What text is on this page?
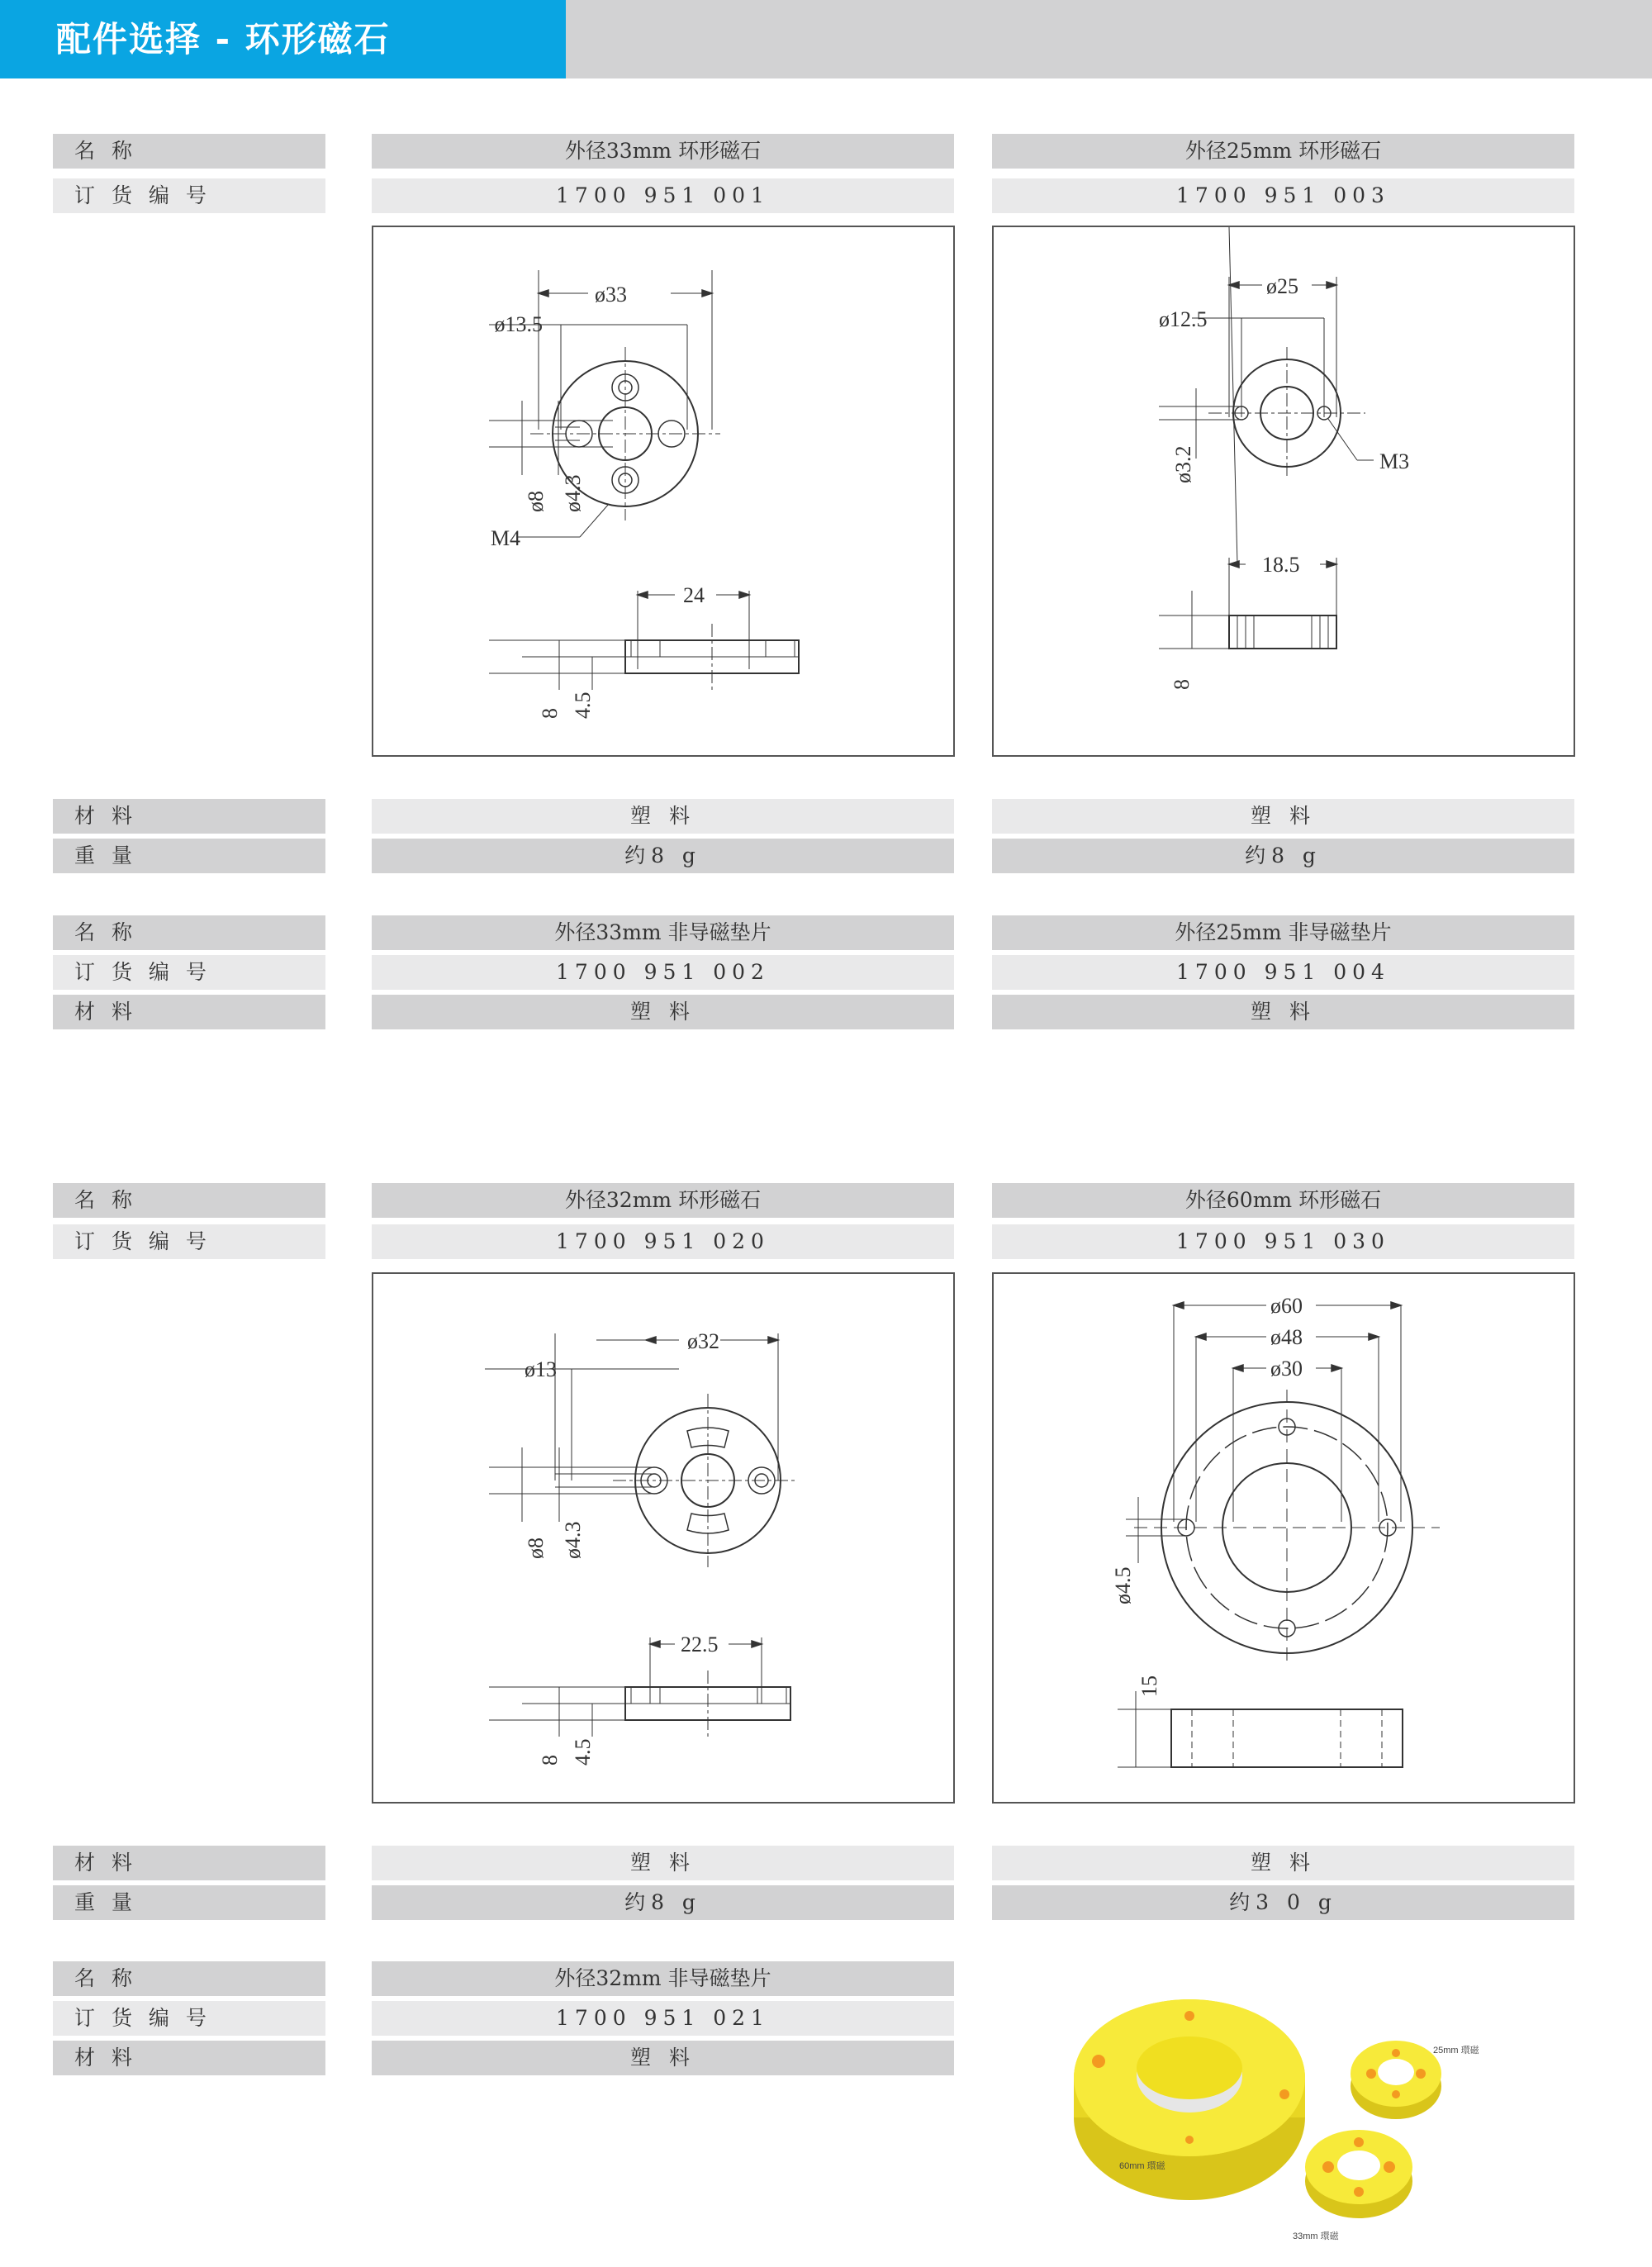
配件选择 - 环形磁石
名 称
订 货 编 号
外径33mm 环形磁石
1700 951 001
外径25mm 环形磁石
1700 951 003
ø33
ø13.5
ø8 ø4.3
M4
24
8 4.5
ø25
ø12.5
ø3.2	M3
18.5
8
材 料
重 量
塑 料
约8 g
塑 料
约8 g
名 称
订 货 编 号
材 料
外径33mm 非导磁垫片
1700 951 002
塑 料
外径25mm 非导磁垫片
1700 951 004
塑 料
名 称
订 货 编 号
外径32mm 环形磁石
1700 951 020
外径60mm 环形磁石
1700 951 030
ø32
ø13
ø8 ø4.3
22.5
8 4.5
ø60
ø48
ø30
ø4.5
15
材 料
重 量
塑 料
约8 g
塑 料
约3 0 g
名 称
订 货 编 号
材 料
外径32mm 非导磁垫片
1700 951 021
塑 料
60mm 環磁
25mm 環磁
33mm 環磁
